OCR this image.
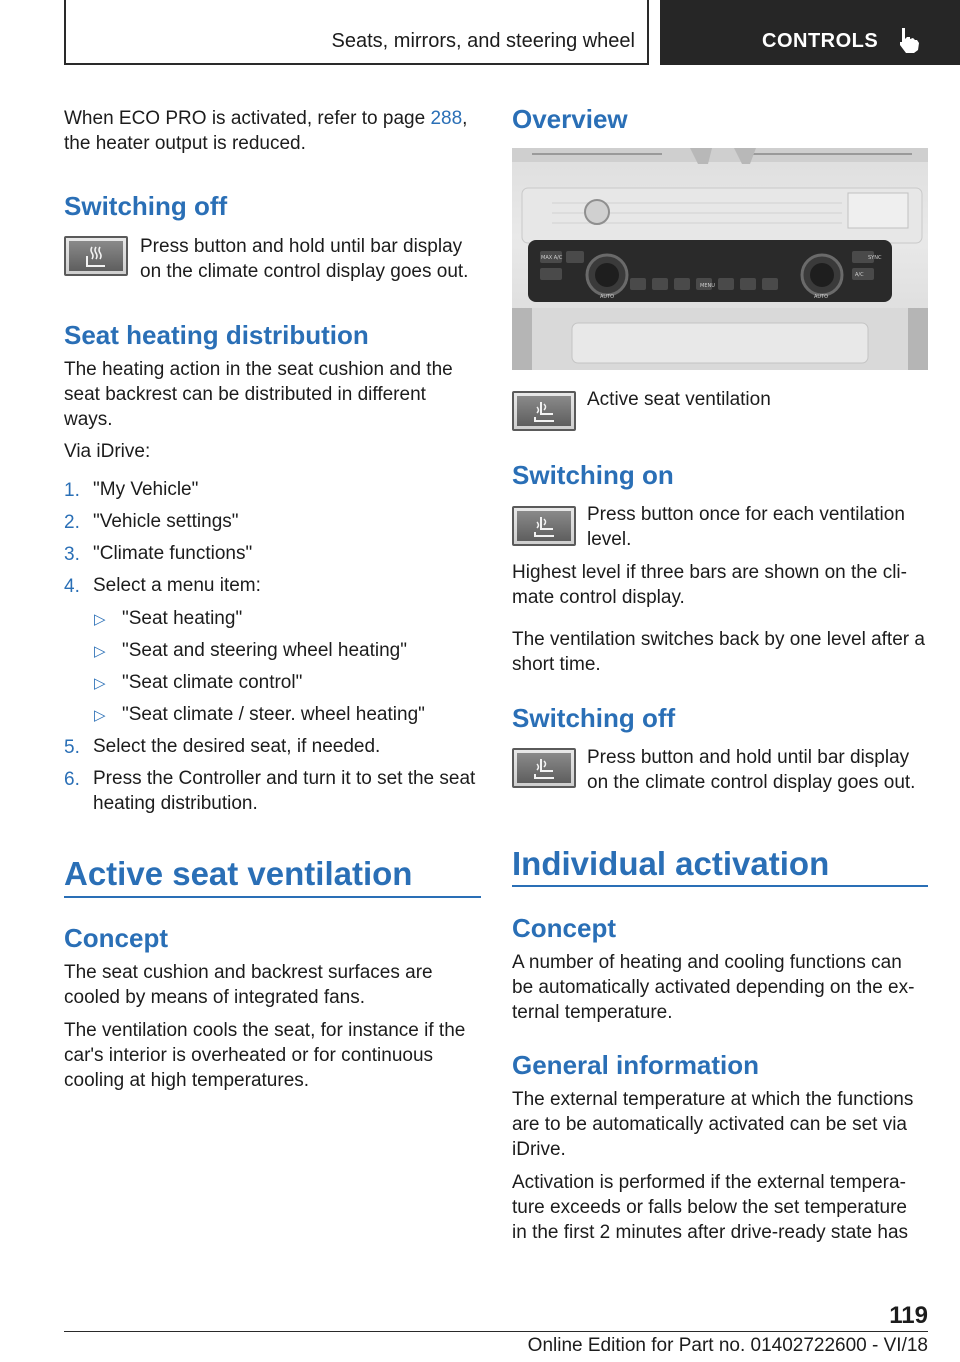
Seats, mirrors, and steering wheel	CONTROLS
When ECO PRO is activated, refer to page 288,
the heater output is reduced.
Switching off
Press button and hold until bar display
on the climate control display goes out.
Seat heating distribution
The heating action in the seat cushion and the
seat backrest can be distributed in different
ways.
Via iDrive:
1. "My Vehicle"
2. "Vehicle settings"
3. "Climate functions"
4. Select a menu item:
▷ "Seat heating"
▷ "Seat and steering wheel heating"
▷ "Seat climate control"
▷ "Seat climate / steer. wheel heating"
5. Select the desired seat, if needed.
6. Press the Controller and turn it to set the seat
heating distribution.
Active seat ventilation
Concept
The seat cushion and backrest surfaces are
cooled by means of integrated fans.
The ventilation cools the seat, for instance if the
car's interior is overheated or for continuous
cooling at high temperatures.
Overview
MAX A/C
AUTO
MENU
AUTO
A/C
SYNC
Active seat ventilation
Switching on
Press button once for each ventilation
level.
Highest level if three bars are shown on the cli-
mate control display.
The ventilation switches back by one level after a
short time.
Switching off
Press button and hold until bar display
on the climate control display goes out.
Individual activation
Concept
A number of heating and cooling functions can
be automatically activated depending on the ex-
ternal temperature.
General information
The external temperature at which the functions
are to be automatically activated can be set via
iDrive.
Activation is performed if the external tempera-
ture exceeds or falls below the set temperature
in the first 2 minutes after drive-ready state has
119
Online Edition for Part no. 01402722600 - VI/18
